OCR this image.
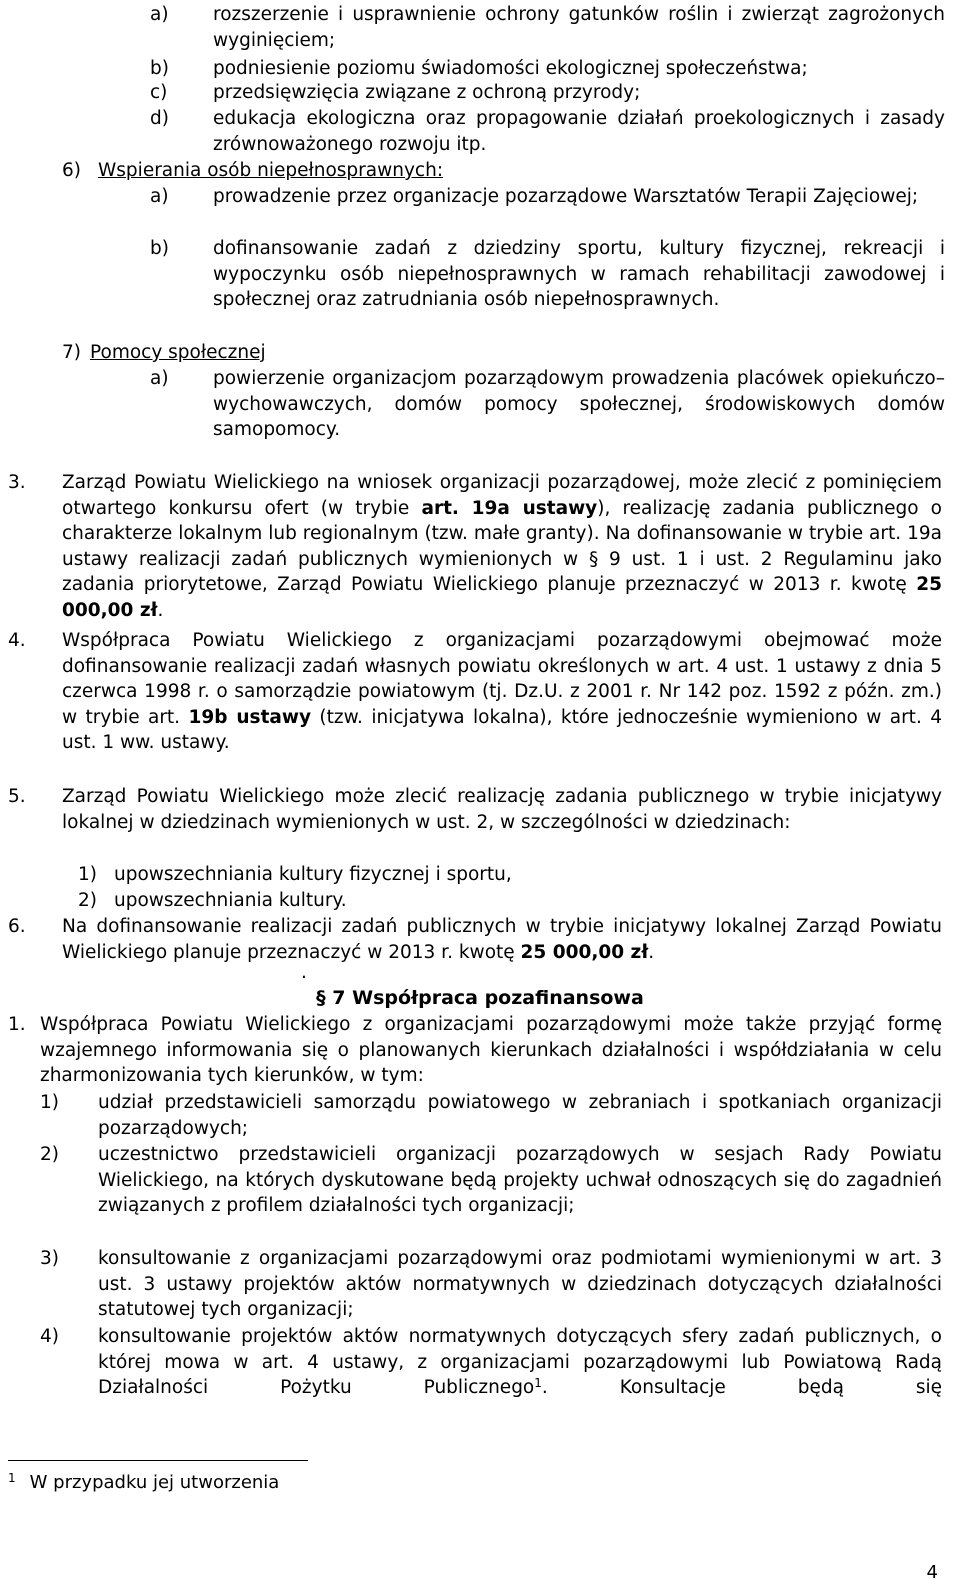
a) rozszerzenie i usprawnienie ochrony gatunków roślin i zwierząt zagrożonych wyginięciem;
b) podniesienie poziomu świadomości ekologicznej społeczeństwa;
c) przedsięwzięcia związane z ochroną przyrody;
d) edukacja ekologiczna oraz propagowanie działań proekologicznych i zasady zrównoważonego rozwoju itp.
6) Wspierania osób niepełnosprawnych:
a) prowadzenie przez organizacje pozarządowe Warsztatów Terapii Zajęciowej;
b) dofinansowanie zadań z dziedziny sportu, kultury fizycznej, rekreacji i wypoczynku osób niepełnosprawnych w ramach rehabilitacji zawodowej i społecznej oraz zatrudniania osób niepełnosprawnych.
7) Pomocy społecznej
a) powierzenie organizacjom pozarządowym prowadzenia placówek opiekuńczo–wychowawczych, domów pomocy społecznej, środowiskowych domów samopomocy.
3. Zarząd Powiatu Wielickiego na wniosek organizacji pozarządowej, może zlecić z pominięciem otwartego konkursu ofert (w trybie art. 19a ustawy), realizację zadania publicznego o charakterze lokalnym lub regionalnym (tzw. małe granty). Na dofinansowanie w trybie art. 19a ustawy realizacji zadań publicznych wymienionych w § 9 ust. 1 i ust. 2 Regulaminu jako zadania priorytetowe, Zarząd Powiatu Wielickiego planuje przeznaczyć w 2013 r. kwotę 25 000,00 zł.
4. Współpraca Powiatu Wielickiego z organizacjami pozarządowymi obejmować może dofinansowanie realizacji zadań własnych powiatu określonych w art. 4 ust. 1 ustawy z dnia 5 czerwca 1998 r. o samorządzie powiatowym (tj. Dz.U. z 2001 r. Nr 142 poz. 1592 z późn. zm.) w trybie art. 19b ustawy (tzw. inicjatywa lokalna), które jednocześnie wymieniono w art. 4 ust. 1 ww. ustawy.
5. Zarząd Powiatu Wielickiego może zlecić realizację zadania publicznego w trybie inicjatywy lokalnej w dziedzinach wymienionych w ust. 2, w szczególności w dziedzinach:
1) upowszechniania kultury fizycznej i sportu,
2) upowszechniania kultury.
6. Na dofinansowanie realizacji zadań publicznych w trybie inicjatywy lokalnej Zarząd Powiatu Wielickiego planuje przeznaczyć w 2013 r. kwotę 25 000,00 zł.
.
§ 7 Współpraca pozafinansowa
1. Współpraca Powiatu Wielickiego z organizacjami pozarządowymi może także przyjąć formę wzajemnego informowania się o planowanych kierunkach działalności i współdziałania w celu zharmonizowania tych kierunków, w tym:
1) udział przedstawicieli samorządu powiatowego w zebraniach i spotkaniach organizacji pozarządowych;
2) uczestnictwo przedstawicieli organizacji pozarządowych w sesjach Rady Powiatu Wielickiego, na których dyskutowane będą projekty uchwał odnoszących się do zagadnień związanych z profilem działalności tych organizacji;
3) konsultowanie z organizacjami pozarządowymi oraz podmiotami wymienionymi w art. 3 ust. 3 ustawy projektów aktów normatywnych w dziedzinach dotyczących działalności statutowej tych organizacji;
4) konsultowanie projektów aktów normatywnych dotyczących sfery zadań publicznych, o której mowa w art. 4 ustawy, z organizacjami pozarządowymi lub Powiatową Radą Działalności Pożytku Publicznego$^1$. Konsultacje będą się
$^1$ W przypadku jej utworzenia
4
